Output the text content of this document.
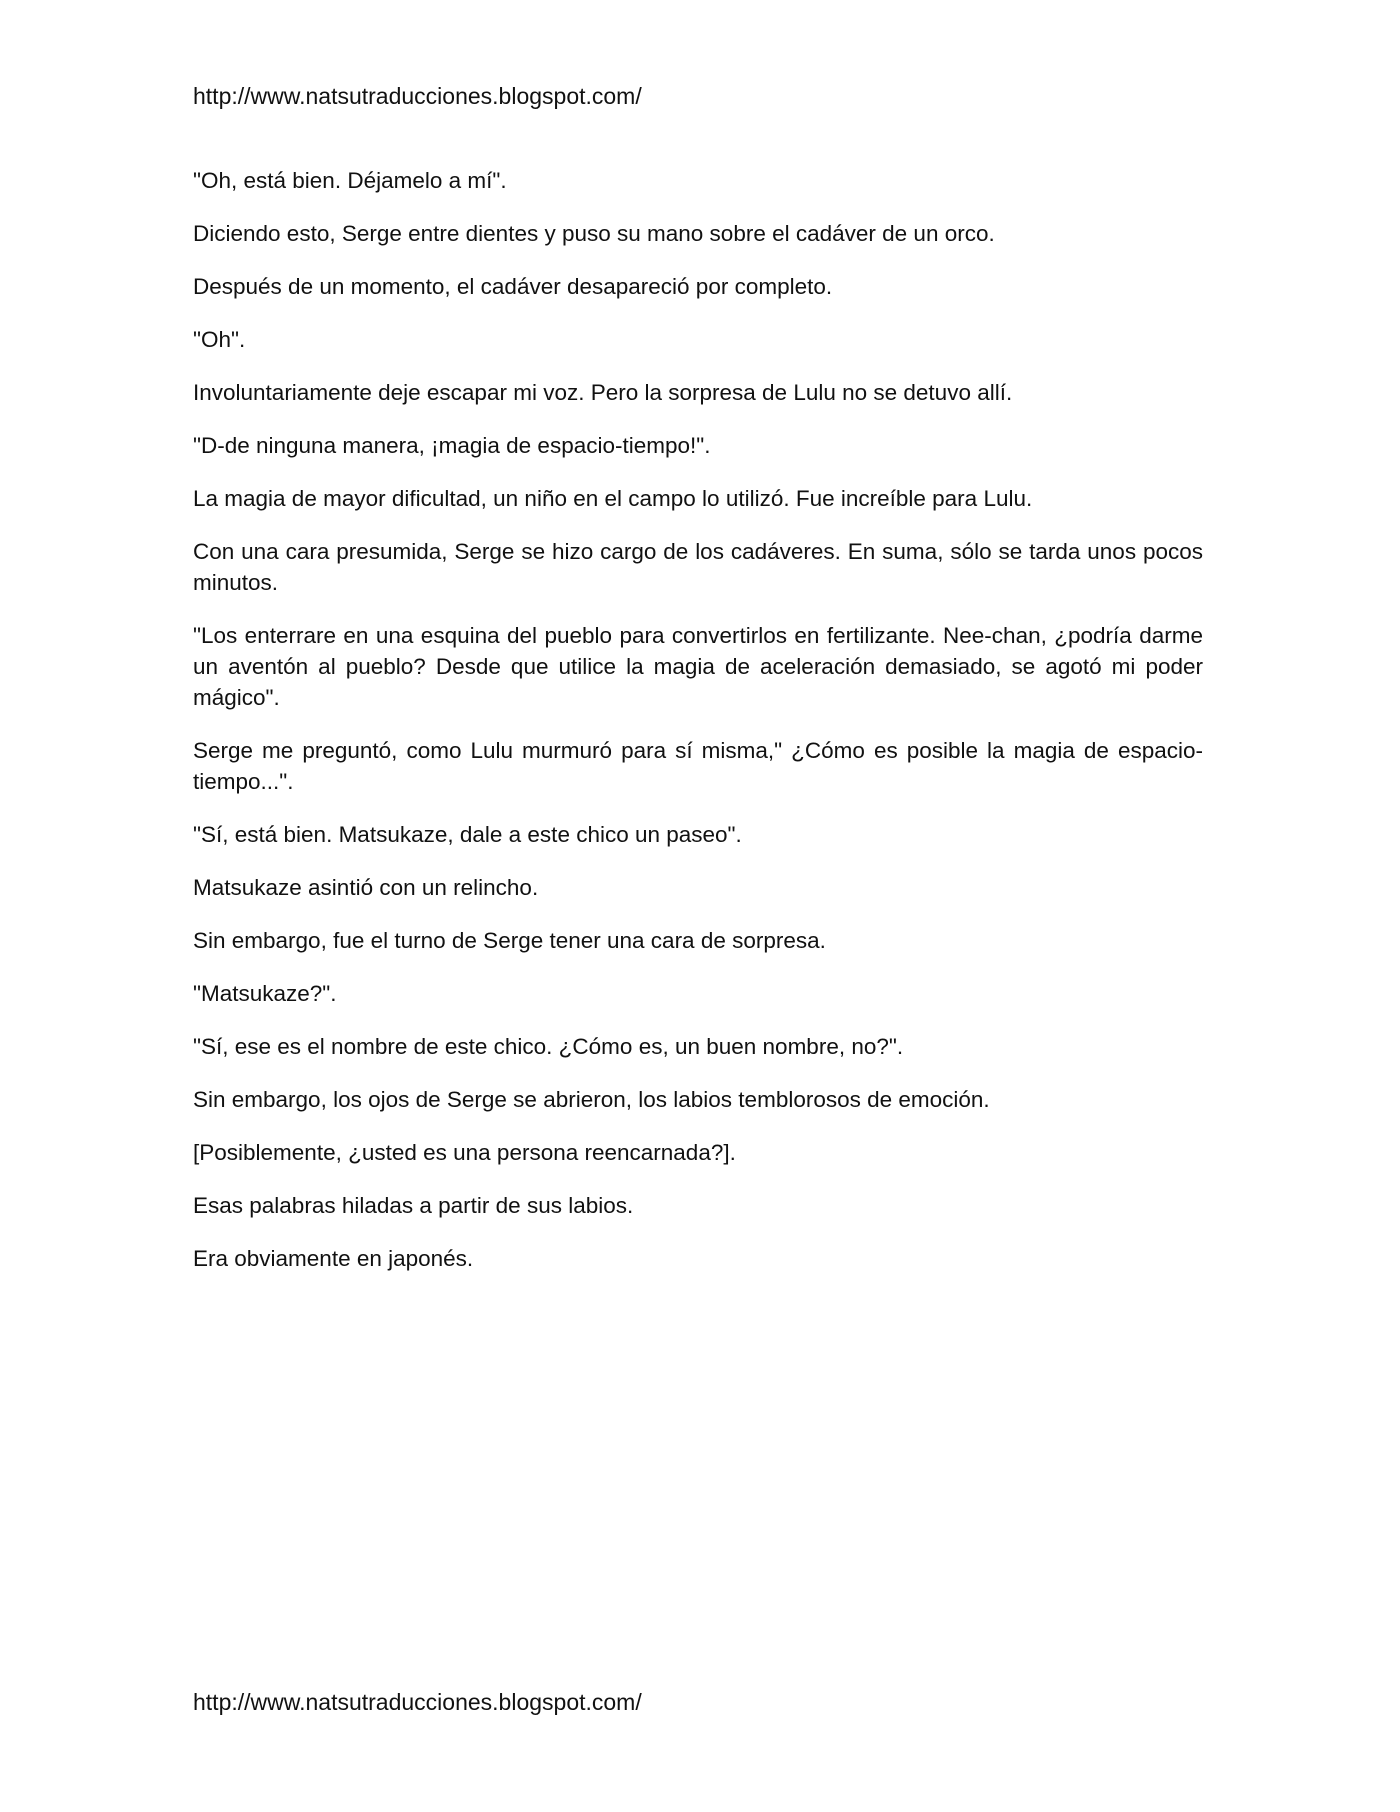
http://www.natsutraducciones.blogspot.com/

"Oh, está bien. Déjamelo a mí".

Diciendo esto, Serge entre dientes y puso su mano sobre el cadáver de un orco.

Después de un momento, el cadáver desapareció por completo.

"Oh".

Involuntariamente deje escapar mi voz. Pero la sorpresa de Lulu no se detuvo allí.

"D-de ninguna manera, ¡magia de espacio-tiempo!".

La magia de mayor dificultad, un niño en el campo lo utilizó. Fue increíble para Lulu.

Con una cara presumida, Serge se hizo cargo de los cadáveres. En suma, sólo se tarda unos pocos minutos.

"Los enterrare en una esquina del pueblo para convertirlos en fertilizante. Nee-chan, ¿podría darme un aventón al pueblo? Desde que utilice la magia de aceleración demasiado, se agotó mi poder mágico".

Serge me preguntó, como Lulu murmuró para sí misma," ¿Cómo es posible la magia de espacio-tiempo...".

"Sí, está bien. Matsukaze, dale a este chico un paseo".

Matsukaze asintió con un relincho.

Sin embargo, fue el turno de Serge tener una cara de sorpresa.

"Matsukaze?".

"Sí, ese es el nombre de este chico. ¿Cómo es, un buen nombre, no?".

Sin embargo, los ojos de Serge se abrieron, los labios temblorosos de emoción.

[Posiblemente, ¿usted es una persona reencarnada?].

Esas palabras hiladas a partir de sus labios.

Era obviamente en japonés.

http://www.natsutraducciones.blogspot.com/
